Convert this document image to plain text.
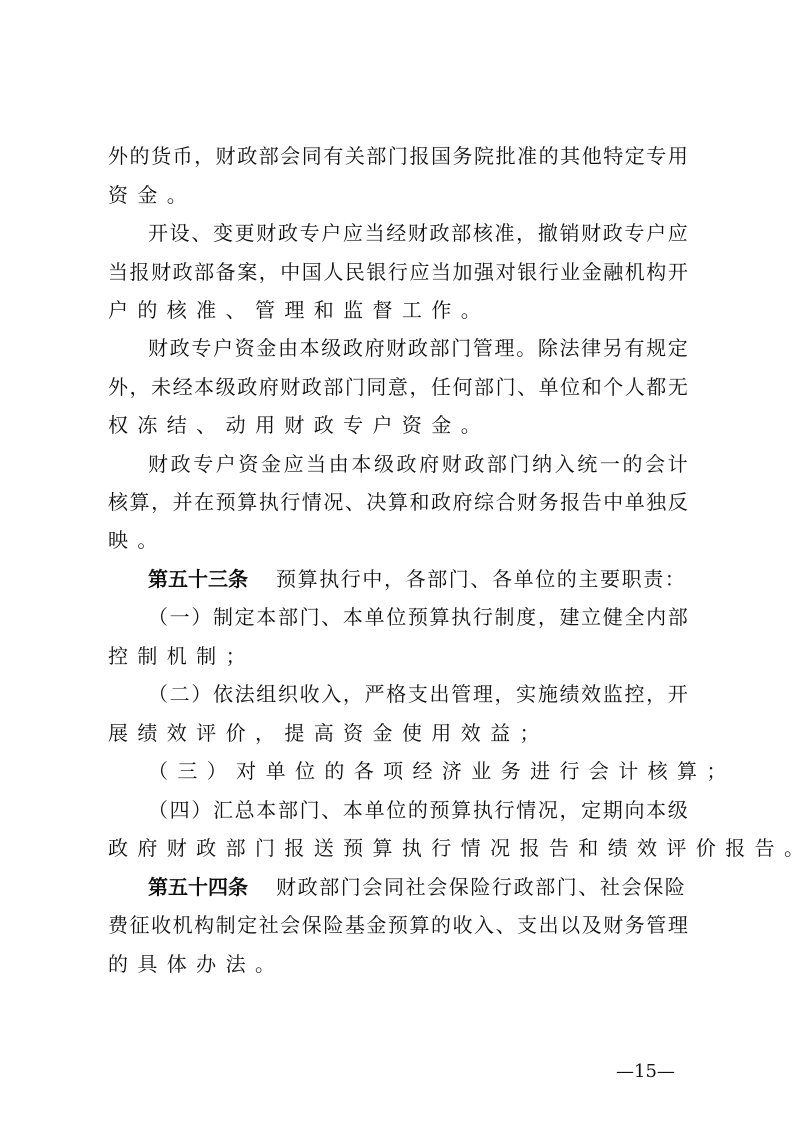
外 的 货 币 ， 财 政 部 会 同 有 关 部 门 报 国 务 院 批 准 的 其 他 特 定 专 用
资 金 。
开 设 、 变 更 财 政 专 户 应 当 经 财 政 部 核 准 ， 撤 销 财 政 专 户 应
当 报 财 政 部 备 案 ， 中 国 人 民 银 行 应 当 加 强 对 银 行 业 金 融 机 构 开
户 的 核 准 、 管 理 和 监 督 工 作 。
财 政 专 户 资 金 由 本 级 政 府 财 政 部 门 管 理 。 除 法 律 另 有 规 定
外 ， 未 经 本 级 政 府 财 政 部 门 同 意 ， 任 何 部 门 、 单 位 和 个 人 都 无
权 冻 结 、 动 用 财 政 专 户 资 金 。
财 政 专 户 资 金 应 当 由 本 级 政 府 财 政 部 门 纳 入 统 一 的 会 计
核 算 ， 并 在 预 算 执 行 情 况 、 决 算 和 政 府 综 合 财 务 报 告 中 单 独 反
映 。
第五十三条 预算执行中，各部门、各单位的主要职责：
（ 一 ） 制 定 本 部 门 、 本 单 位 预 算 执 行 制 度 ， 建 立 健 全 内 部
控 制 机 制 ；
（ 二 ） 依 法 组 织 收 入 ， 严 格 支 出 管 理 ， 实 施 绩 效 监 控 ， 开
展 绩 效 评 价 ， 提 高 资 金 使 用 效 益 ；
（ 三 ） 对 单 位 的 各 项 经 济 业 务 进 行 会 计 核 算 ；
（ 四 ） 汇 总 本 部 门 、 本 单 位 的 预 算 执 行 情 况 ， 定 期 向 本 级
政 府 财 政 部 门 报 送 预 算 执 行 情 况 报 告 和 绩 效 评 价 报 告 。
第五十四条 财政部门会同社会保险行政部门、社会保险
费 征 收 机 构 制 定 社 会 保 险 基 金 预 算 的 收 入 、 支 出 以 及 财 务 管 理
的 具 体 办 法 。
—15—
